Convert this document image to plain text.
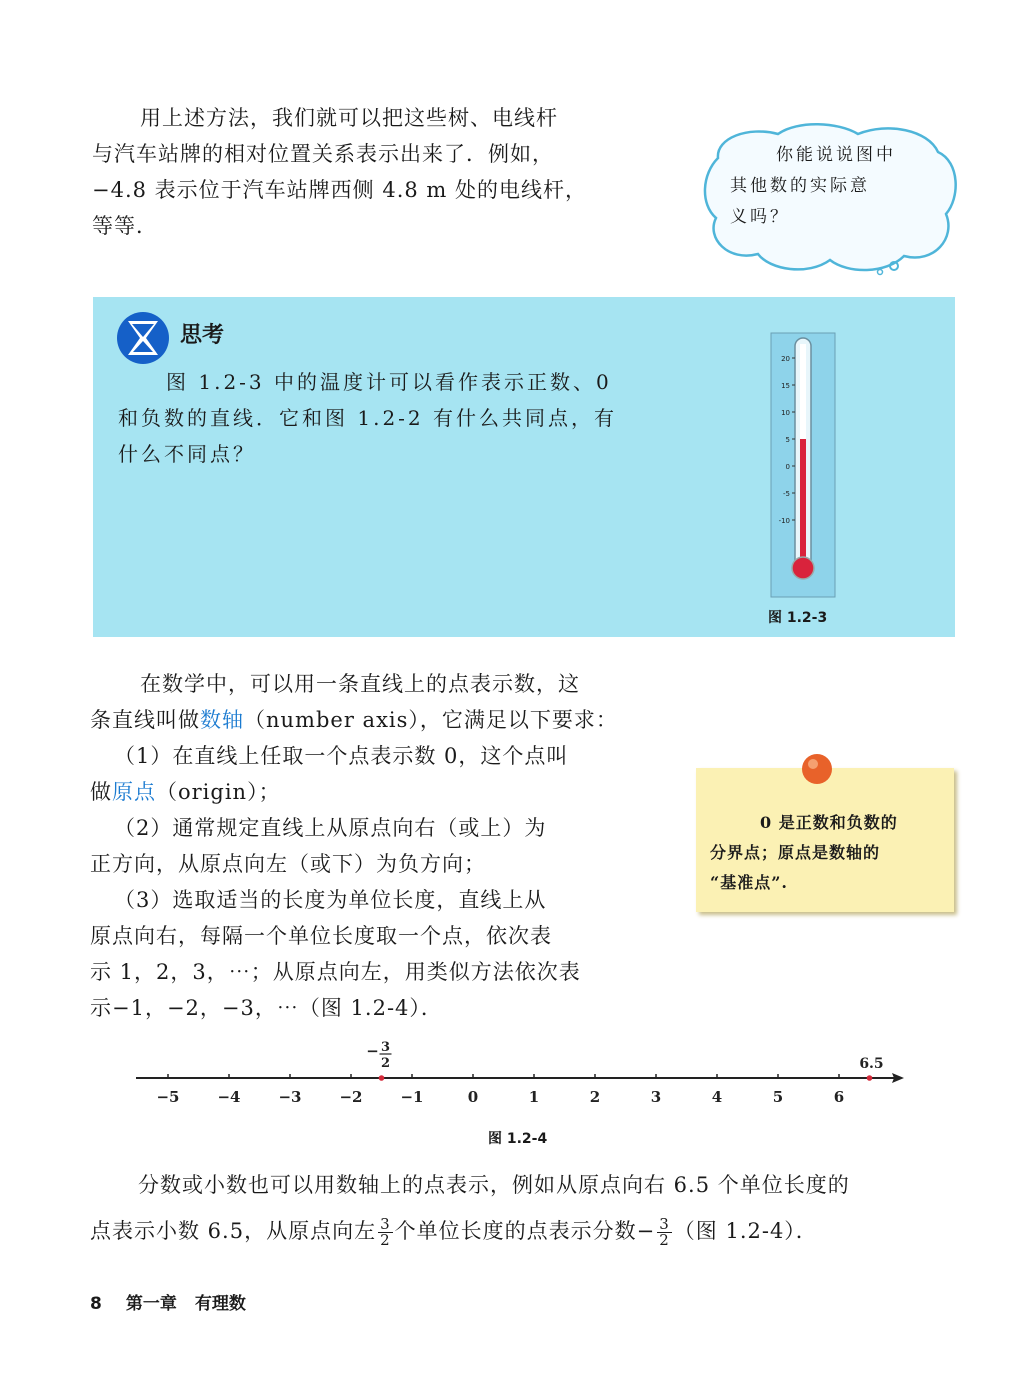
用上述方法，我们就可以把这些树、电线杆
与汽车站牌的相对位置关系表示出来了．例如，
−4.8 表示位于汽车站牌西侧 4.8 m 处的电线杆，
等等．
你能说说图中
其他数的实际意
义吗？
思考
图 1.2-3 中的温度计可以看作表示正数、0
和负数的直线．它和图 1.2-2 有什么共同点，有
什么不同点？
20
15
10
5
0
-5
-10
图 1.2-3
在数学中，可以用一条直线上的点表示数，这
条直线叫做数轴（number axis），它满足以下要求：
（1）在直线上任取一个点表示数 0，这个点叫
做原点（origin）；
（2）通常规定直线上从原点向右（或上）为
正方向，从原点向左（或下）为负方向；
（3）选取适当的长度为单位长度，直线上从
原点向右，每隔一个单位长度取一个点，依次表
示 1，2，3，⋯；从原点向左，用类似方法依次表
示−1，−2，−3，⋯（图 1.2-4）．
0 是正数和负数的
分界点；原点是数轴的
“基准点”.
−5	−4	−3	−2	−1	0	1	2	3	4	5	6
− 3
2	6.5
图 1.2-4
分数或小数也可以用数轴上的点表示，例如从原点向右 6.5 个单位长度的
点表示小数 6.5，从原点向左 $\frac{3}{2}$ 个单位长度的点表示分数− $\frac{3}{2}$ （图 1.2-4）．
8 第一章 有理数
